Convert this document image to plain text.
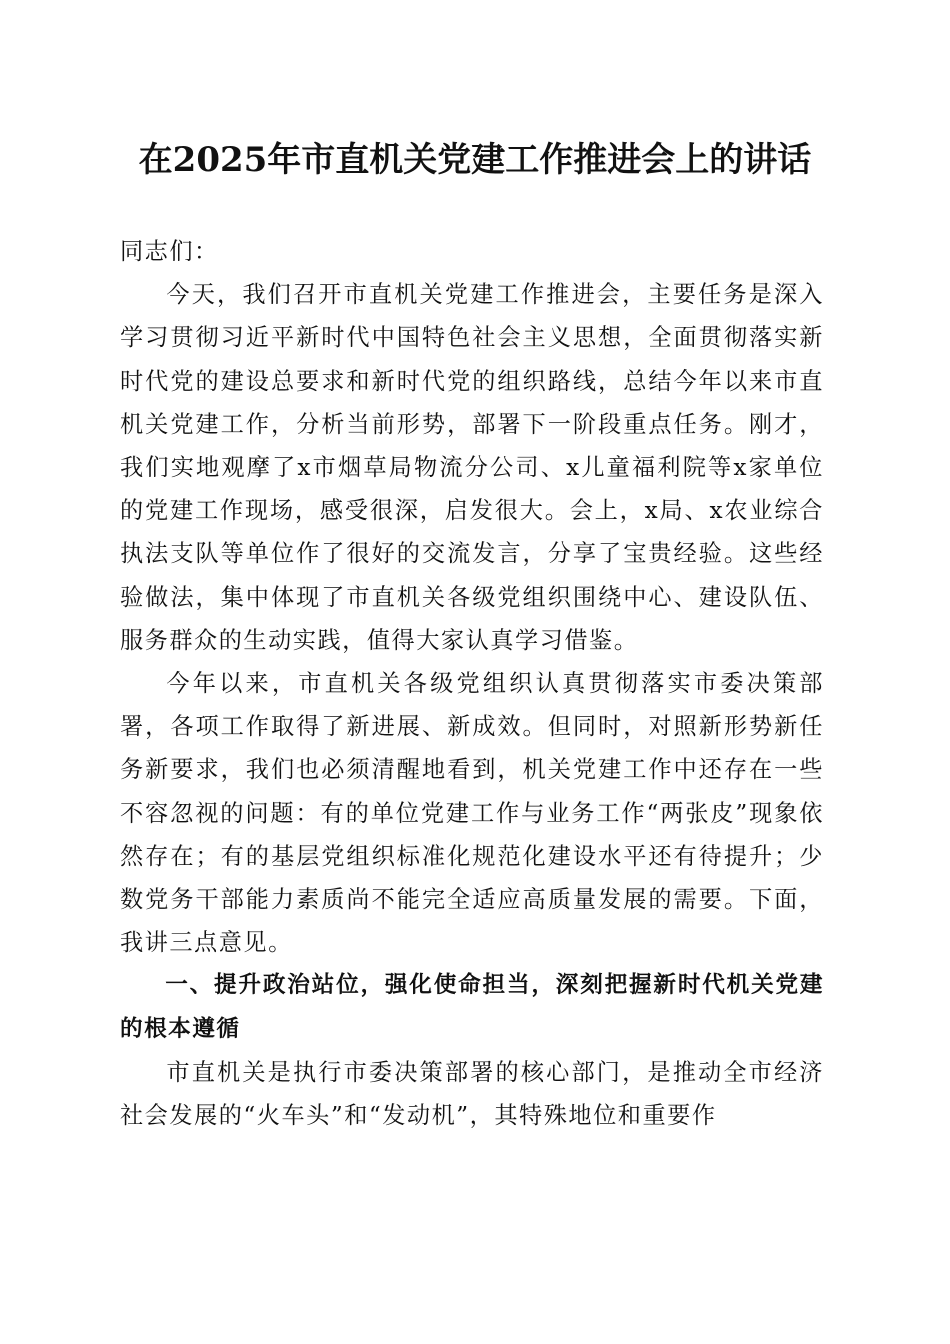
在2025年市直机关党建工作推进会上的讲话

同志们：

今天，我们召开市直机关党建工作推进会，主要任务是深入学习贯彻习近平新时代中国特色社会主义思想，全面贯彻落实新时代党的建设总要求和新时代党的组织路线，总结今年以来市直机关党建工作，分析当前形势，部署下一阶段重点任务。刚才，我们实地观摩了x市烟草局物流分公司、x儿童福利院等x家单位的党建工作现场，感受很深，启发很大。会上，x局、x农业综合执法支队等单位作了很好的交流发言，分享了宝贵经验。这些经验做法，集中体现了市直机关各级党组织围绕中心、建设队伍、服务群众的生动实践，值得大家认真学习借鉴。

今年以来，市直机关各级党组织认真贯彻落实市委决策部署，各项工作取得了新进展、新成效。但同时，对照新形势新任务新要求，我们也必须清醒地看到，机关党建工作中还存在一些不容忽视的问题：有的单位党建工作与业务工作“两张皮”现象依然存在；有的基层党组织标准化规范化建设水平还有待提升；少数党务干部能力素质尚不能完全适应高质量发展的需要。下面，我讲三点意见。

一、提升政治站位，强化使命担当，深刻把握新时代机关党建的根本遵循

市直机关是执行市委决策部署的核心部门，是推动全市经济社会发展的“火车头”和“发动机”，其特殊地位和重要作
